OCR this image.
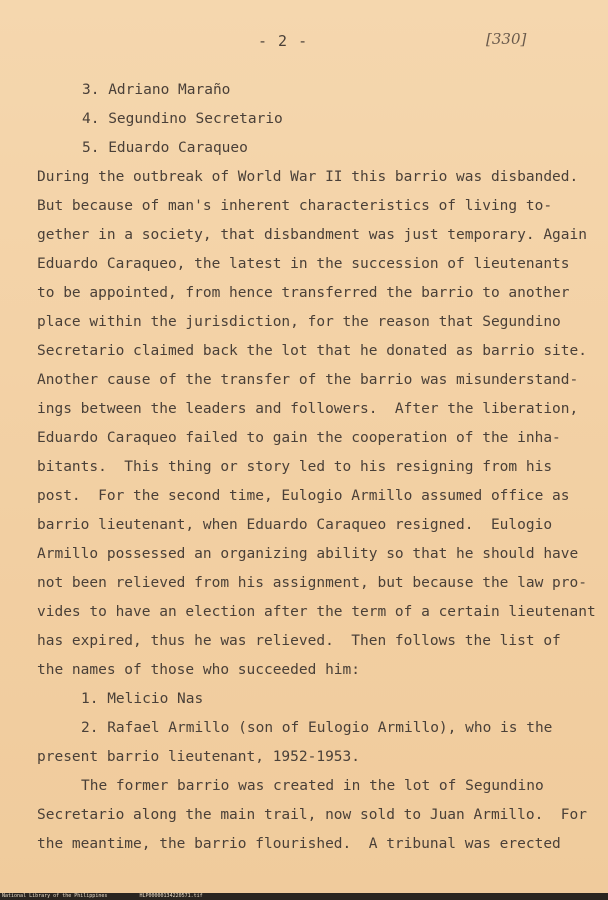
- 2 -	[330]
3. Adriano Maraño
4. Segundino Secretario
5. Eduardo Caraqueo
During the outbreak of World War II this barrio was disbanded.
But because of man's inherent characteristics of living to-
gether in a society, that disbandment was just temporary. Again
Eduardo Caraqueo, the latest in the succession of lieutenants
to be appointed, from hence transferred the barrio to another
place within the jurisdiction, for the reason that Segundino
Secretario claimed back the lot that he donated as barrio site.
Another cause of the transfer of the barrio was misunderstand-
ings between the leaders and followers.  After the liberation,
Eduardo Caraqueo failed to gain the cooperation of the inha-
bitants.  This thing or story led to his resigning from his
post.  For the second time, Eulogio Armillo assumed office as
barrio lieutenant, when Eduardo Caraqueo resigned.  Eulogio
Armillo possessed an organizing ability so that he should have
not been relieved from his assignment, but because the law pro-
vides to have an election after the term of a certain lieutenant
has expired, thus he was relieved.  Then follows the list of
the names of those who succeeded him:
1. Melicio Nas
2. Rafael Armillo (son of Eulogio Armillo), who is the
present barrio lieutenant, 1952-1953.
The former barrio was created in the lot of Segundino
Secretario along the main trail, now sold to Juan Armillo.  For
the meantime, the barrio flourished.  A tribunal was erected
National Library of the Philippines	HLP00000134220571.tif
